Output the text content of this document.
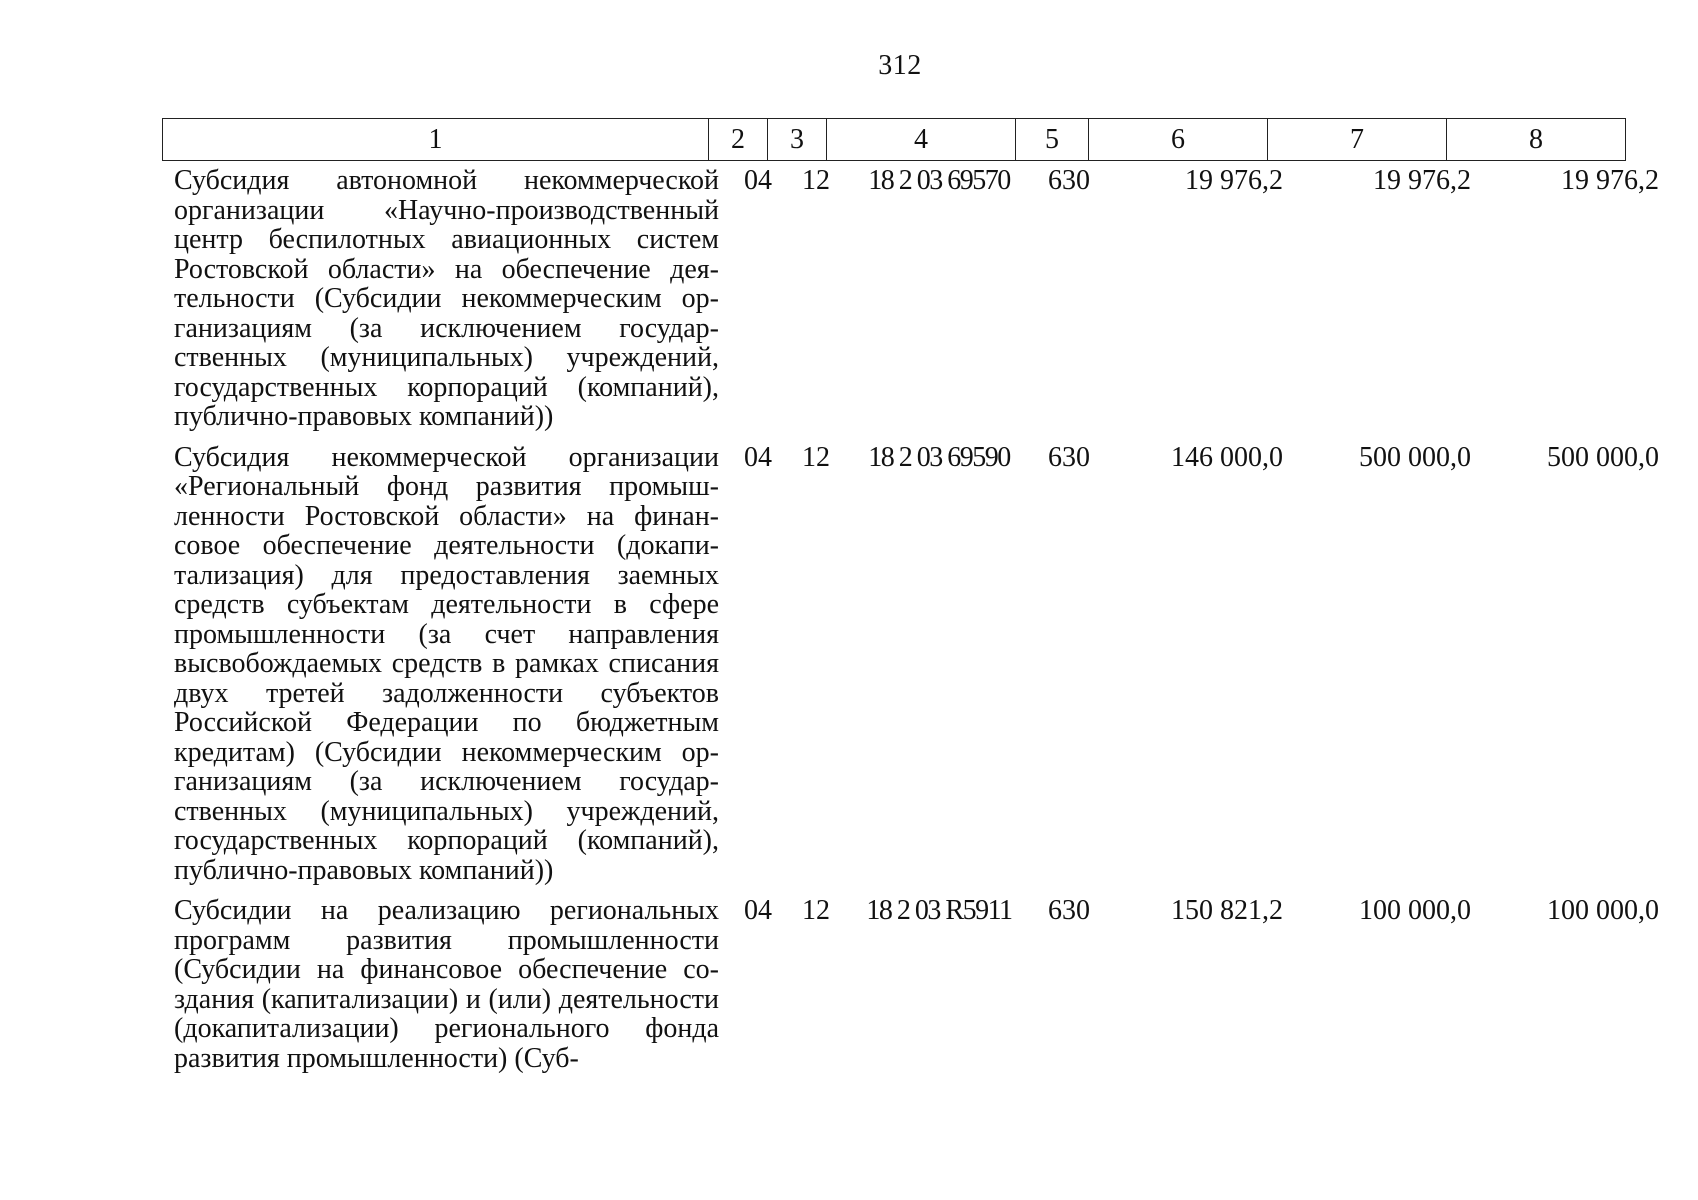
312
1	2	3	4	5	6	7	8
Субсидия автономной некоммерческой организации «Научно-производственный центр беспилотных авиационных систем Ростовской области» на обеспечение деятельности (Субсидии некоммерческим организациям (за исключением государственных (муниципальных) учреждений, государственных корпораций (компаний), публично-правовых компаний))	04	12	18 2 03 69570	630	19 976,2	19 976,2	19 976,2
Субсидия некоммерческой организации «Региональный фонд развития промышленности Ростовской области» на финансовое обеспечение деятельности (докапитализация) для предоставления заемных средств субъектам деятельности в сфере промышленности (за счет направления высвобождаемых средств в рамках списания двух третей задолженности субъектов Российской Федерации по бюджетным кредитам) (Субсидии некоммерческим организациям (за исключением государственных (муниципальных) учреждений, государственных корпораций (компаний), публично-правовых компаний))	04	12	18 2 03 69590	630	146 000,0	500 000,0	500 000,0
Субсидии на реализацию региональных программ развития промышленности (Субсидии на финансовое обеспечение создания (капитализации) и (или) деятельности (докапитализации) регионального фонда развития промышленности) (Суб-	04	12	18 2 03 R5911	630	150 821,2	100 000,0	100 000,0
